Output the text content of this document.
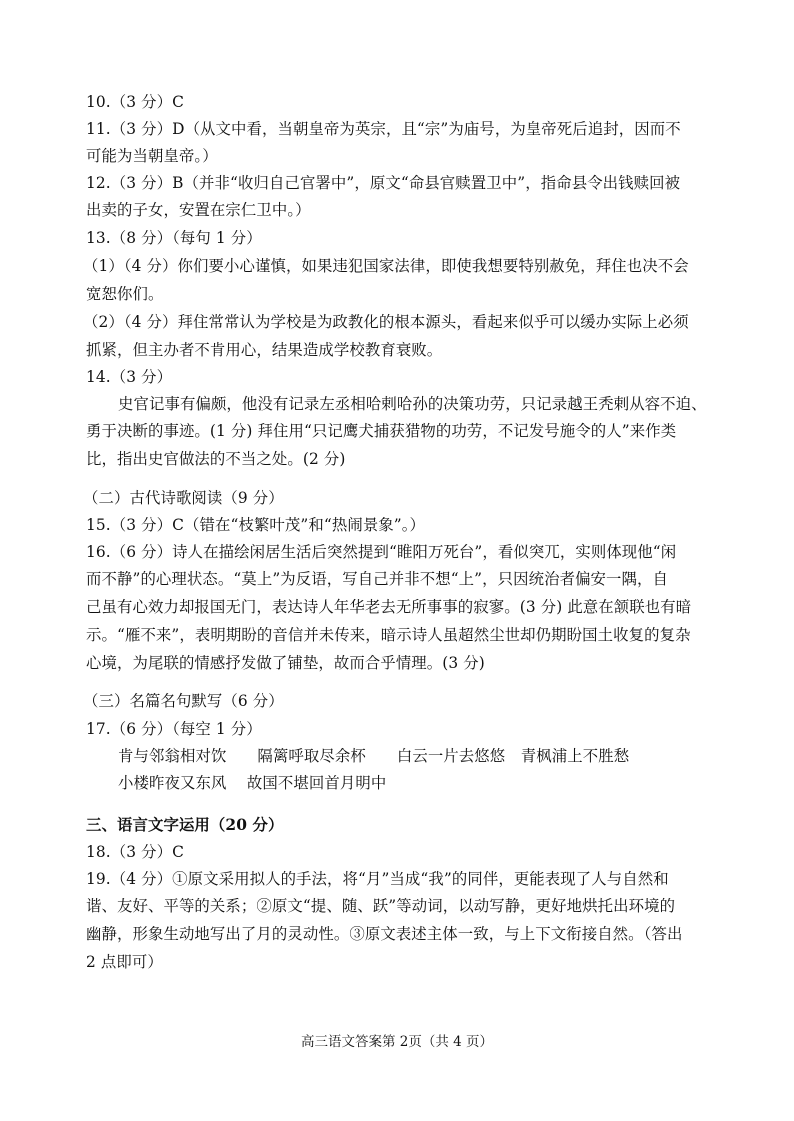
10.（3 分）C
11.（3 分）D（从文中看，当朝皇帝为英宗，且“宗”为庙号，为皇帝死后追封，因而不
可能为当朝皇帝。）
12.（3 分）B（并非“收归自己官署中”，原文“命县官赎置卫中”，指命县令出钱赎回被
出卖的子女，安置在宗仁卫中。）
13.（8 分）（每句 1 分）
（1）（4 分）你们要小心谨慎，如果违犯国家法律，即使我想要特别赦免，拜住也决不会
宽恕你们。
（2）（4 分）拜住常常认为学校是为政教化的根本源头，看起来似乎可以缓办实际上必须
抓紧，但主办者不肯用心，结果造成学校教育衰败。
14.（3 分）
史官记事有偏颇，他没有记录左丞相哈剌哈孙的决策功劳，只记录越王秃剌从容不迫、
勇于决断的事迹。(1 分) 拜住用“只记鹰犬捕获猎物的功劳，不记发号施令的人”来作类
比，指出史官做法的不当之处。(2 分)
（二）古代诗歌阅读（9 分）
15.（3 分）C（错在“枝繁叶茂”和“热闹景象”。）
16.（6 分）诗人在描绘闲居生活后突然提到“睢阳万死台”，看似突兀，实则体现他“闲
而不静”的心理状态。“莫上”为反语，写自己并非不想“上”，只因统治者偏安一隅，自
己虽有心效力却报国无门，表达诗人年华老去无所事事的寂寥。(3 分) 此意在颔联也有暗
示。“雁不来”，表明期盼的音信并未传来，暗示诗人虽超然尘世却仍期盼国土收复的复杂
心境，为尾联的情感抒发做了铺垫，故而合乎情理。(3 分)
（三）名篇名句默写（6 分）
17.（6 分）（每空 1 分）
肯与邻翁相对饮　　隔篱呼取尽余杯　　白云一片去悠悠　青枫浦上不胜愁
小楼昨夜又东风　 故国不堪回首月明中
三、语言文字运用（20 分）
18.（3 分）C
19.（4 分）①原文采用拟人的手法，将“月”当成“我”的同伴，更能表现了人与自然和
谐、友好、平等的关系；②原文“提、随、跃”等动词，以动写静，更好地烘托出环境的
幽静，形象生动地写出了月的灵动性。③原文表述主体一致，与上下文衔接自然。（答出
2 点即可）
高三语文答案第 2页（共 4 页）
